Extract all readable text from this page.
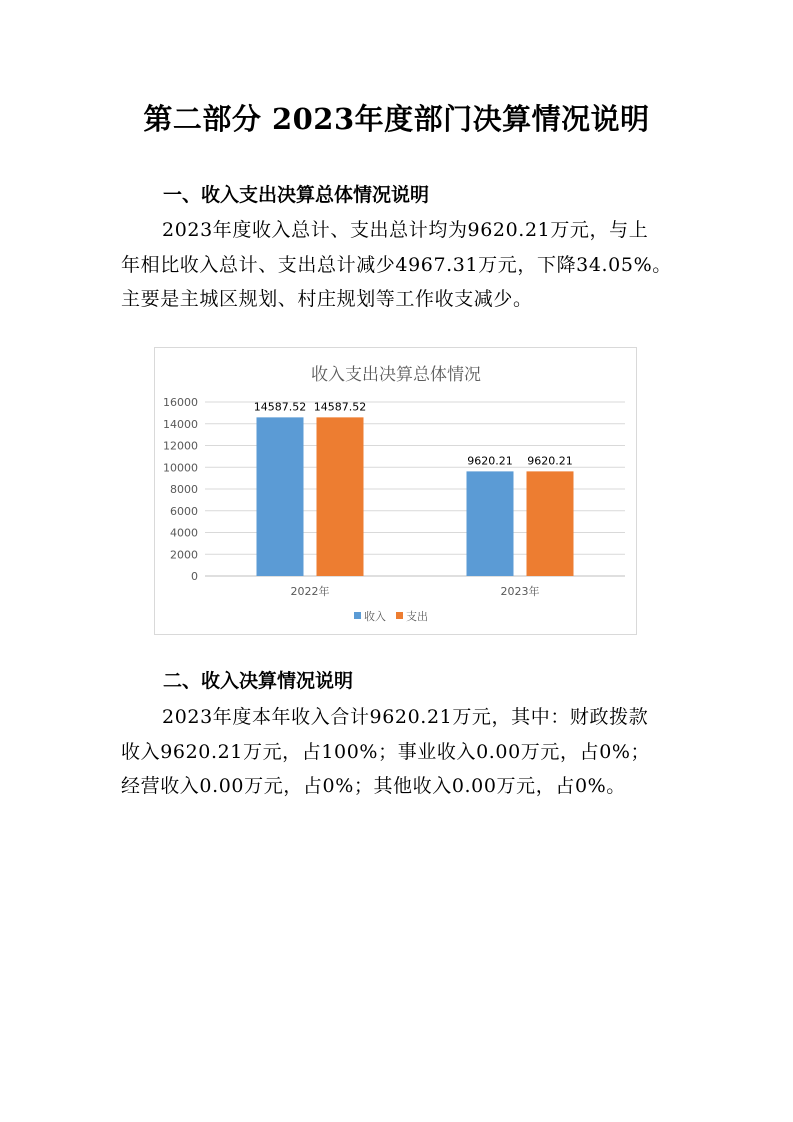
第二部分 2023年度部门决算情况说明
一、收入支出决算总体情况说明

2023年度收入总计、支出总计均为9620.21万元，与上
年相比收入总计、支出总计减少4967.31万元，下降34.05%。
主要是主城区规划、村庄规划等工作收支减少。

收入支出决算总体情况
0
2000
4000
6000
8000
10000
12000
14000
16000	14587.52 14587.52
9620.21 9620.21
2022年	2023年
收入 支出
二、收入决算情况说明

2023年度本年收入合计9620.21万元，其中：财政拨款
收入9620.21万元，占100%；事业收入0.00万元，占0%；
经营收入0.00万元，占0%；其他收入0.00万元，占0%。
